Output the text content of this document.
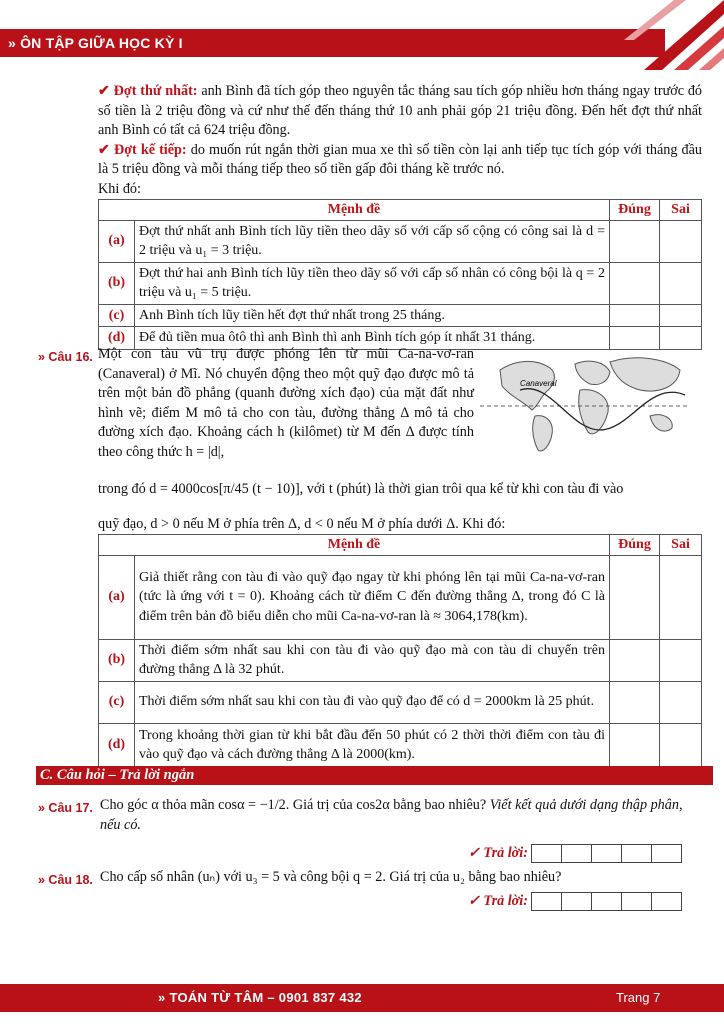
» ÔN TẬP GIỮA HỌC KỲ I

✔ Đợt thứ nhất: anh Bình đã tích góp theo nguyên tắc tháng sau tích góp nhiều hơn tháng ngay trước đó số tiền là 2 triệu đồng và cứ như thế đến tháng thứ 10 anh phải góp 21 triệu đồng. Đến hết đợt thứ nhất anh Bình có tất cả 624 triệu đồng.

✔ Đợt kế tiếp: do muốn rút ngắn thời gian mua xe thì số tiền còn lại anh tiếp tục tích góp với tháng đầu là 5 triệu đồng và mỗi tháng tiếp theo số tiền gấp đôi tháng kề trước nó.

Khi đó:

Mệnh đề		Đúng	Sai
(a)	Đợt thứ nhất anh Bình tích lũy tiền theo dãy số với cấp số cộng có công sai là d = 2 triệu và u₁ = 3 triệu.		
(b)	Đợt thứ hai anh Bình tích lũy tiền theo dãy số với cấp số nhân có công bội là q = 2 triệu và u₁ = 5 triệu.		
(c)	Anh Bình tích lũy tiền hết đợt thứ nhất trong 25 tháng.		
(d)	Để đủ tiền mua ôtô thì anh Bình thì anh Bình tích góp ít nhất 31 tháng.		
» Câu 16. Một con tàu vũ trụ được phóng lên từ mũi Ca-na-vơ-ran (Canaveral) ở Mĩ. Nó chuyển động theo một quỹ đạo được mô tả trên một bản đồ phẳng (quanh đường xích đạo) của mặt đất như hình vẽ; điểm M mô tả cho con tàu, đường thẳng Δ mô tả cho đường xích đạo. Khoảng cách h (kilômet) từ M đến Δ được tính theo công thức h = |d|,

Canaveral

trong đó d = 4000cos[π/45 (t − 10)], với t (phút) là thời gian trôi qua kể từ khi con tàu đi vào

quỹ đạo, d > 0 nếu M ở phía trên Δ, d < 0 nếu M ở phía dưới Δ. Khi đó:

Mệnh đề		Đúng	Sai
(a)	Giả thiết rằng con tàu đi vào quỹ đạo ngay từ khi phóng lên tại mũi Ca-na-vơ-ran (tức là ứng với t = 0). Khoảng cách từ điểm C đến đường thẳng Δ, trong đó C là điểm trên bản đồ biểu diễn cho mũi Ca-na-vơ-ran là ≈ 3064,178(km).		
(b)	Thời điểm sớm nhất sau khi con tàu đi vào quỹ đạo mà con tàu di chuyển trên đường thẳng Δ là 32 phút.		
(c)	Thời điểm sớm nhất sau khi con tàu đi vào quỹ đạo để có d = 2000km là 25 phút.		
(d)	Trong khoảng thời gian từ khi bắt đầu đến 50 phút có 2 thời thời điểm con tàu đi vào quỹ đạo và cách đường thẳng Δ là 2000(km).		
C. Câu hỏi – Trả lời ngắn
» Câu 17. Cho góc α thỏa mãn cosα = −1/2. Giá trị của cos2α bằng bao nhiêu? Viết kết quả dưới dạng thập phân, nếu có.

✓ Trả lời:
» Câu 18. Cho cấp số nhân (uₙ) với u₃ = 5 và công bội q = 2. Giá trị của u₂ bằng bao nhiêu?

✓ Trả lời:
» TOÁN TỪ TÂM – 0901 837 432	Trang 7
